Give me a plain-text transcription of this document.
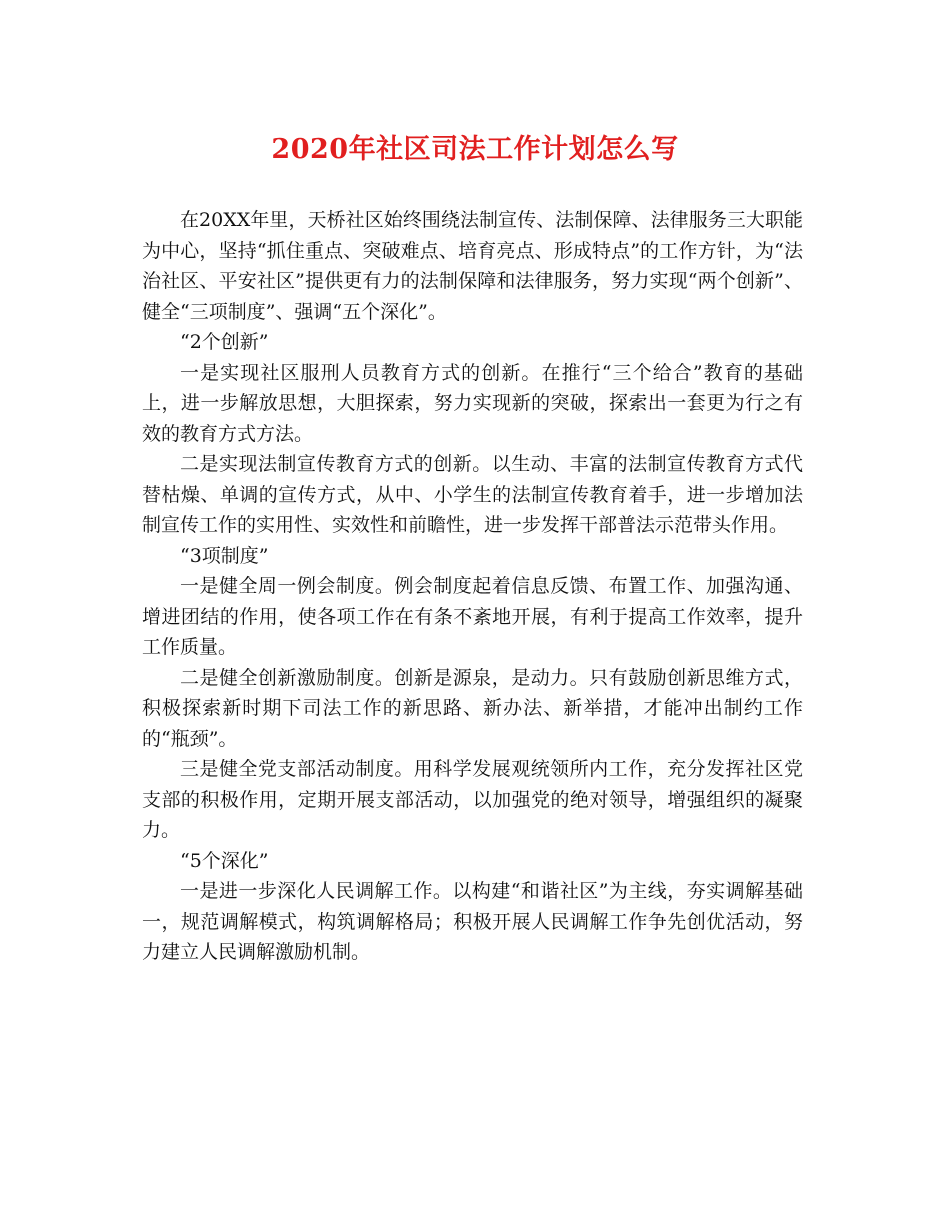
2020年社区司法工作计划怎么写

在20XX年里，天桥社区始终围绕法制宣传、法制保障、法律服务三大职能为中心，坚持“抓住重点、突破难点、培育亮点、形成特点”的工作方针，为“法治社区、平安社区”提供更有力的法制保障和法律服务，努力实现“两个创新”、健全“三项制度”、强调“五个深化”。

“2个创新”

一是实现社区服刑人员教育方式的创新。在推行“三个给合”教育的基础上，进一步解放思想，大胆探索，努力实现新的突破，探索出一套更为行之有效的教育方式方法。

二是实现法制宣传教育方式的创新。以生动、丰富的法制宣传教育方式代替枯燥、单调的宣传方式，从中、小学生的法制宣传教育着手，进一步增加法制宣传工作的实用性、实效性和前瞻性，进一步发挥干部普法示范带头作用。

“3项制度”

一是健全周一例会制度。例会制度起着信息反馈、布置工作、加强沟通、增进团结的作用，使各项工作在有条不紊地开展，有利于提高工作效率，提升工作质量。

二是健全创新激励制度。创新是源泉，是动力。只有鼓励创新思维方式，积极探索新时期下司法工作的新思路、新办法、新举措，才能冲出制约工作的“瓶颈”。

三是健全党支部活动制度。用科学发展观统领所内工作，充分发挥社区党支部的积极作用，定期开展支部活动，以加强党的绝对领导，增强组织的凝聚力。

“5个深化”

一是进一步深化人民调解工作。以构建“和谐社区”为主线，夯实调解基础一，规范调解模式，构筑调解格局；积极开展人民调解工作争先创优活动，努力建立人民调解激励机制。
